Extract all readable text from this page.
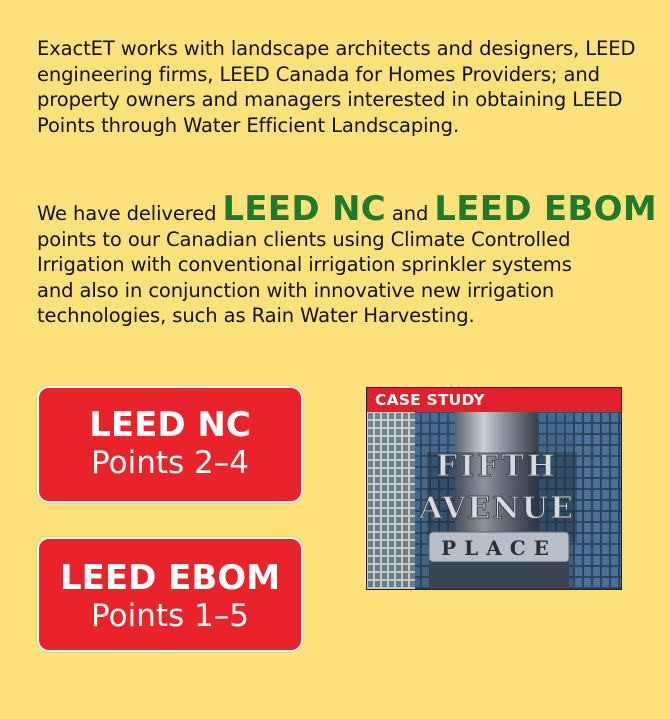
ExactET works with landscape architects and designers, LEED
engineering firms, LEED Canada for Homes Providers; and
property owners and managers interested in obtaining LEED
Points through Water Efficient Landscaping.
We have delivered LEED NC and LEED EBOM
points to our Canadian clients using Climate Controlled
Irrigation with conventional irrigation sprinkler systems
and also in conjunction with innovative new irrigation
technologies, such as Rain Water Harvesting.
LEED NC
Points 2–4
LEED EBOM
Points 1–5
CASE STUDY
FIFTH
AVENUE
PLACE
